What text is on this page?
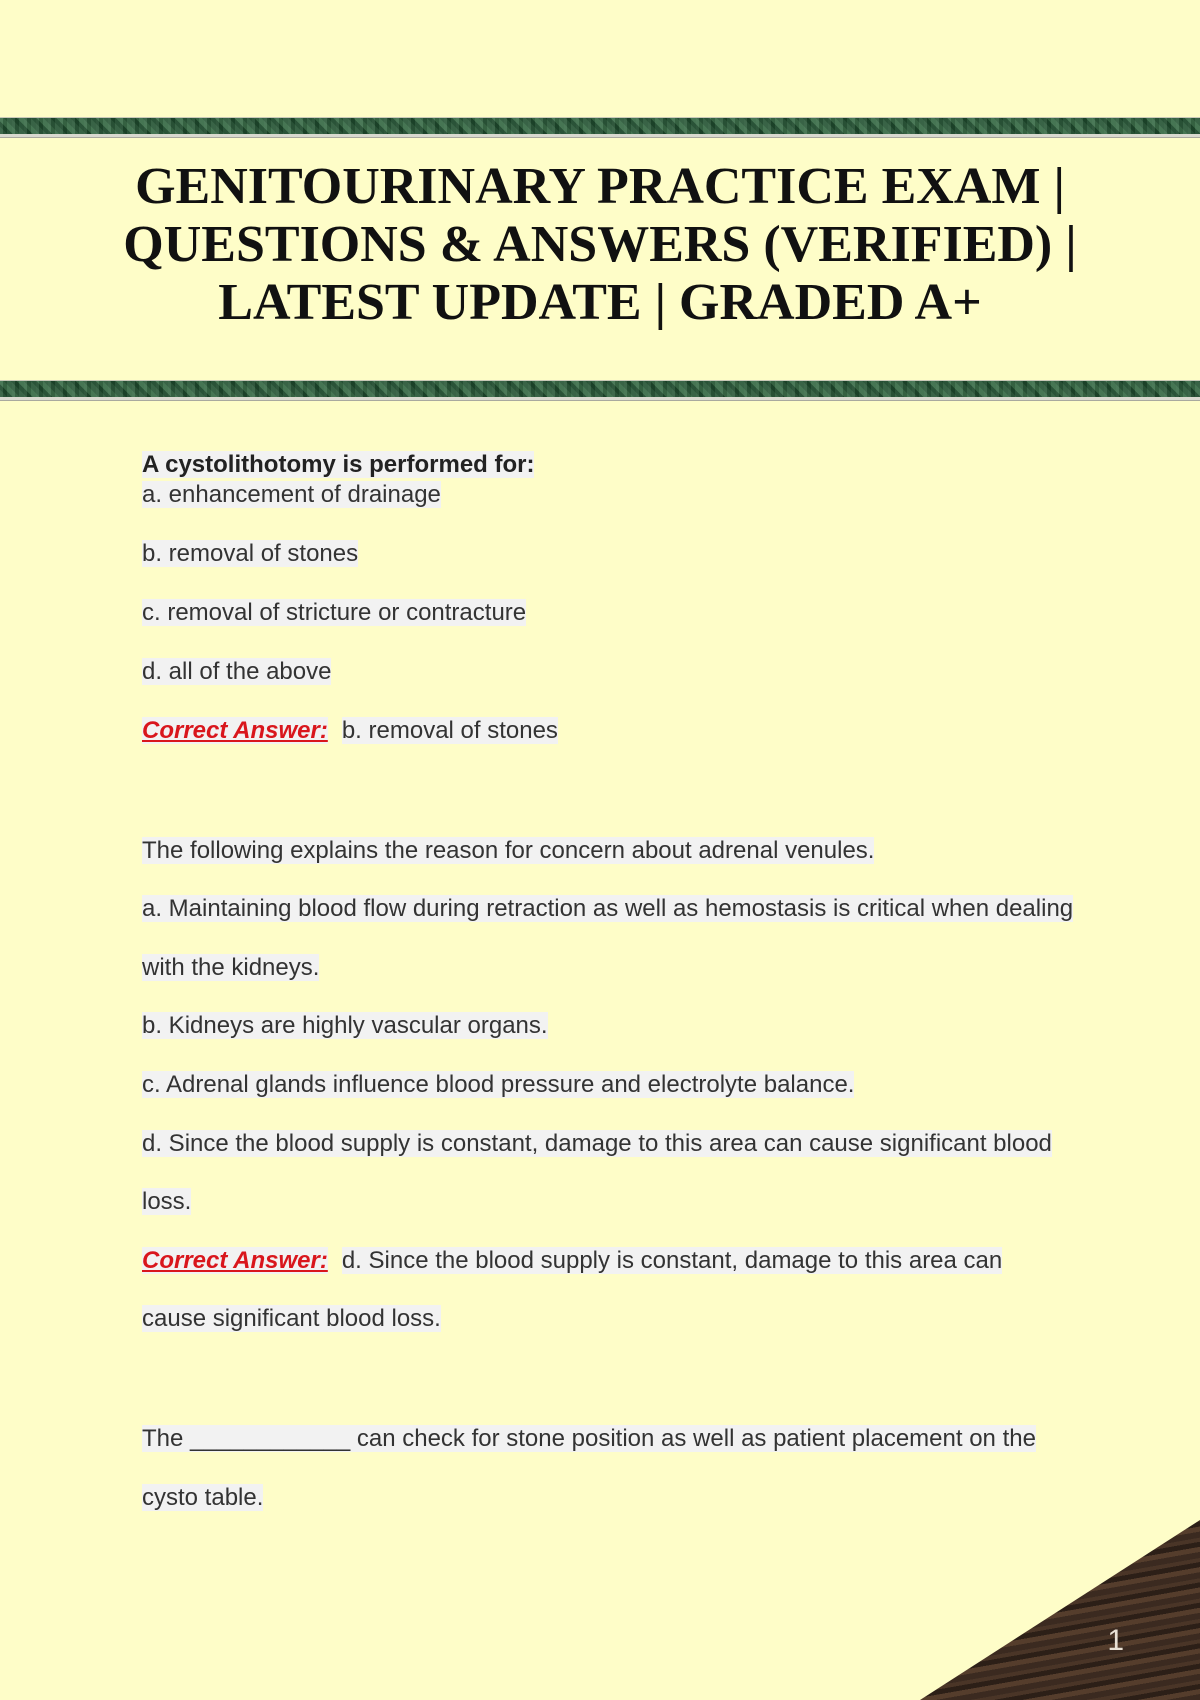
GENITOURINARY PRACTICE EXAM |
QUESTIONS & ANSWERS (VERIFIED) |
LATEST UPDATE | GRADED A+

A cystolithotomy is performed for:

a. enhancement of drainage

b. removal of stones

c. removal of stricture or contracture

d. all of the above

Correct Answer: b. removal of stones

The following explains the reason for concern about adrenal venules.

a. Maintaining blood flow during retraction as well as hemostasis is critical when dealing

with the kidneys.

b. Kidneys are highly vascular organs.

c. Adrenal glands influence blood pressure and electrolyte balance.

d. Since the blood supply is constant, damage to this area can cause significant blood

loss.

Correct Answer: d. Since the blood supply is constant, damage to this area can

cause significant blood loss.

The ____________ can check for stone position as well as patient placement on the

cysto table.

1
